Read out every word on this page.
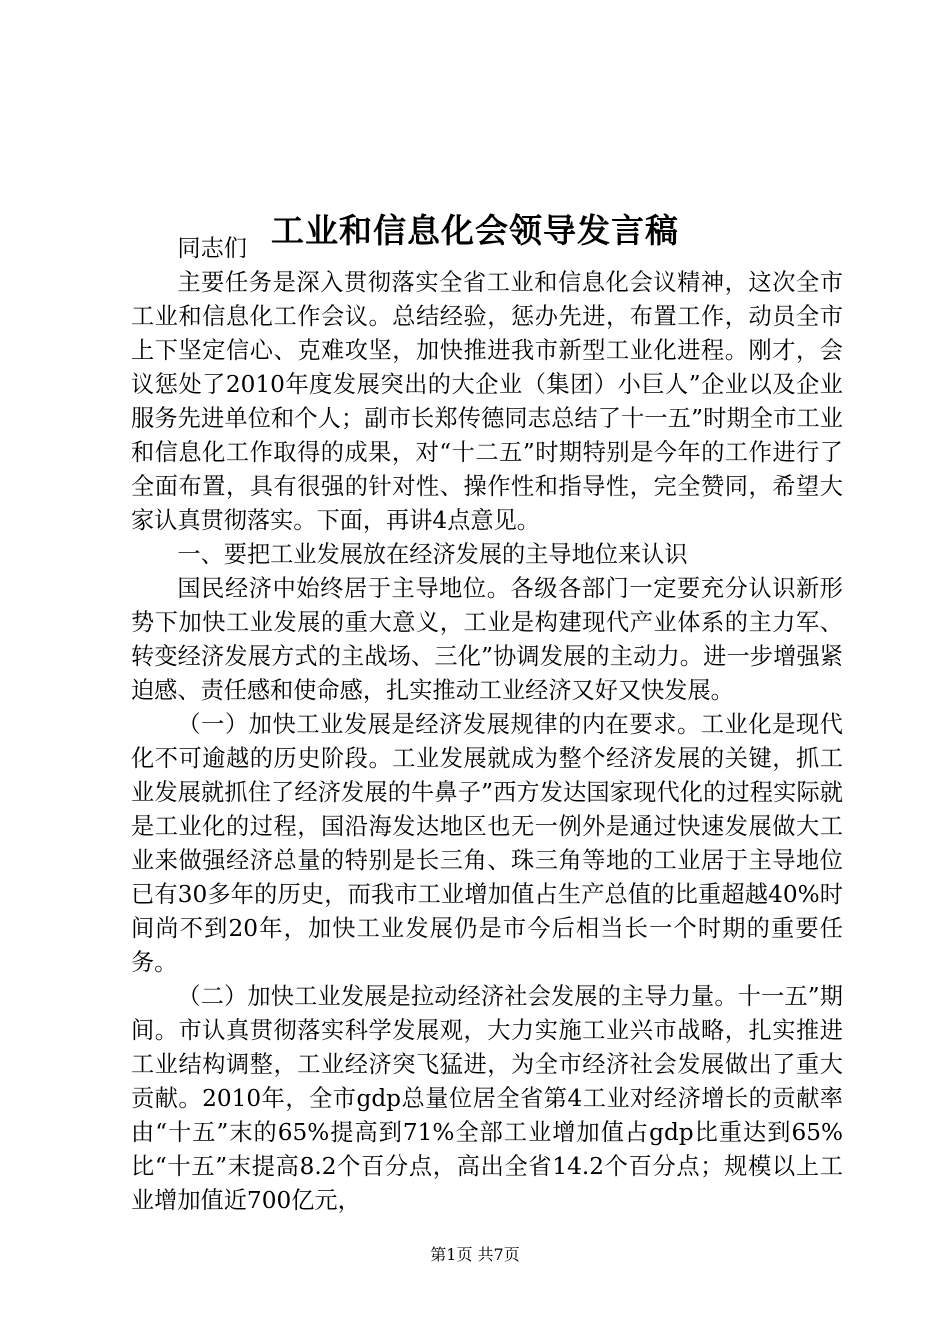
工业和信息化会领导发言稿

同志们

主要任务是深入贯彻落实全省工业和信息化会议精神，这次全市工业和信息化工作会议。总结经验，惩办先进，布置工作，动员全市上下坚定信心、克难攻坚，加快推进我市新型工业化进程。刚才，会议惩处了2010年度发展突出的大企业（集团）小巨人”企业以及企业服务先进单位和个人；副市长郑传德同志总结了十一五”时期全市工业和信息化工作取得的成果，对“十二五”时期特别是今年的工作进行了全面布置，具有很强的针对性、操作性和指导性，完全赞同，希望大家认真贯彻落实。下面，再讲4点意见。

一、要把工业发展放在经济发展的主导地位来认识

国民经济中始终居于主导地位。各级各部门一定要充分认识新形势下加快工业发展的重大意义，工业是构建现代产业体系的主力军、转变经济发展方式的主战场、三化”协调发展的主动力。进一步增强紧迫感、责任感和使命感，扎实推动工业经济又好又快发展。

（一）加快工业发展是经济发展规律的内在要求。工业化是现代化不可逾越的历史阶段。工业发展就成为整个经济发展的关键，抓工业发展就抓住了经济发展的牛鼻子”西方发达国家现代化的过程实际就是工业化的过程，国沿海发达地区也无一例外是通过快速发展做大工业来做强经济总量的特别是长三角、珠三角等地的工业居于主导地位已有30多年的历史，而我市工业增加值占生产总值的比重超越40%时间尚不到20年，加快工业发展仍是市今后相当长一个时期的重要任务。

（二）加快工业发展是拉动经济社会发展的主导力量。十一五”期间。市认真贯彻落实科学发展观，大力实施工业兴市战略，扎实推进工业结构调整，工业经济突飞猛进，为全市经济社会发展做出了重大贡献。2010年，全市gdp总量位居全省第4工业对经济增长的贡献率由“十五”末的65%提高到71%全部工业增加值占gdp比重达到65%比“十五”末提高8.2个百分点，高出全省14.2个百分点；规模以上工业增加值近700亿元，

第1页 共7页
